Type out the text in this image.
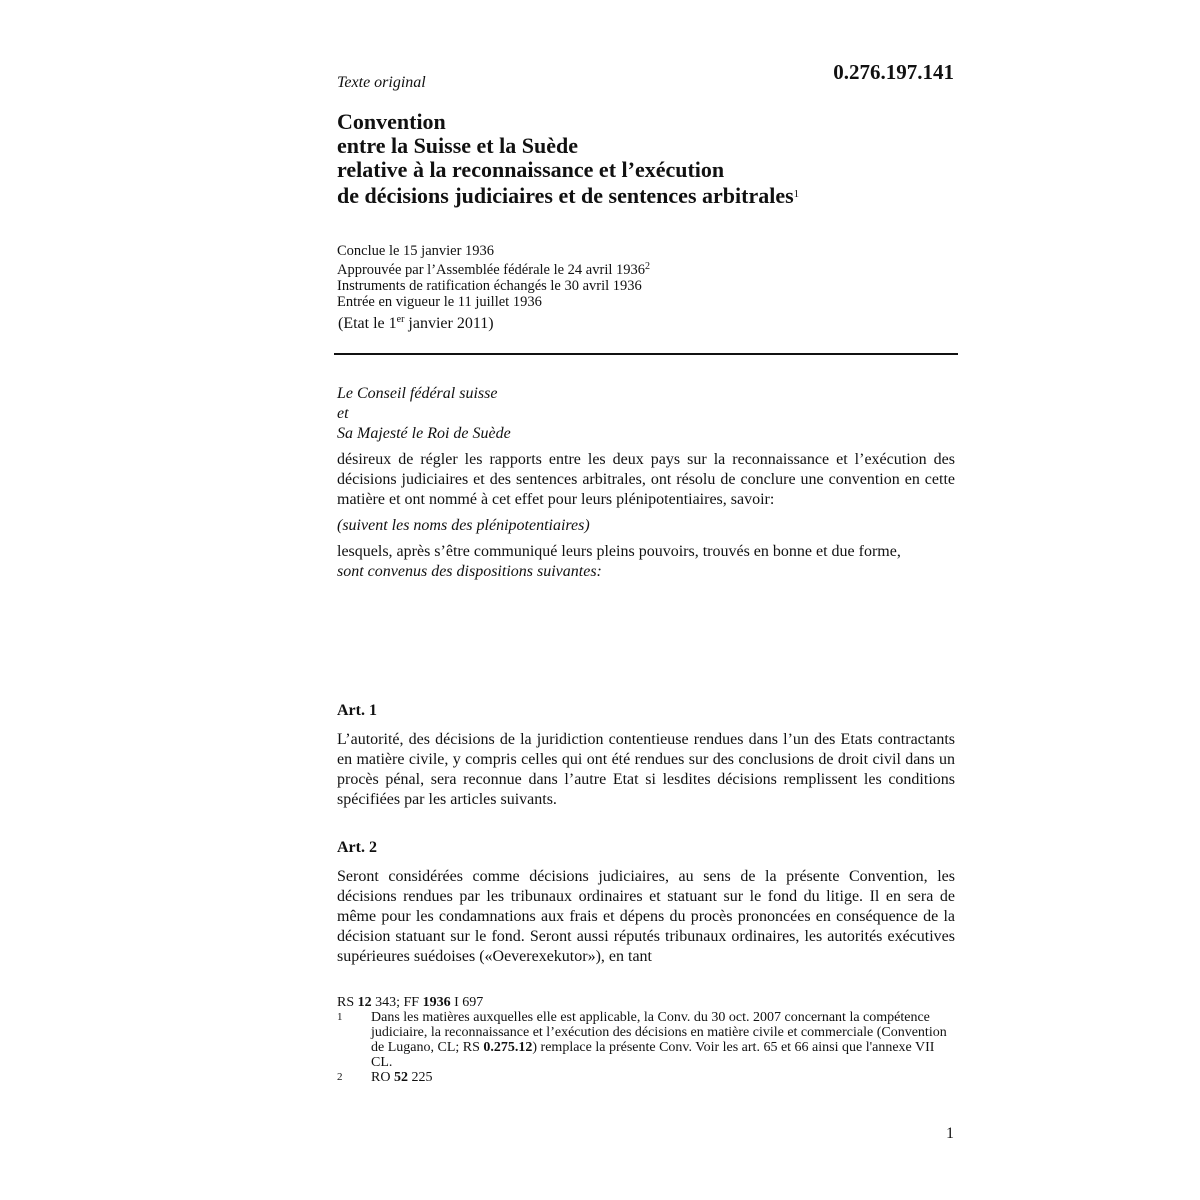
Texte original	0.276.197.141
Convention
entre la Suisse et la Suède
relative à la reconnaissance et l’exécution
de décisions judiciaires et de sentences arbitrales$^1$
Conclue le 15 janvier 1936
Approuvée par l’Assemblée fédérale le 24 avril 1936$^2$
Instruments de ratification échangés le 30 avril 1936
Entrée en vigueur le 11 juillet 1936
(Etat le 1er janvier 2011)
Le Conseil fédéral suisse
et
Sa Majesté le Roi de Suède
désireux de régler les rapports entre les deux pays sur la reconnaissance et l’exécution des décisions judiciaires et des sentences arbitrales, ont résolu de conclure une convention en cette matière et ont nommé à cet effet pour leurs plénipotentiaires, savoir:
(suivent les noms des plénipotentiaires)
lesquels, après s’être communiqué leurs pleins pouvoirs, trouvés en bonne et due forme,
sont convenus des dispositions suivantes:
Art. 1
L’autorité, des décisions de la juridiction contentieuse rendues dans l’un des Etats contractants en matière civile, y compris celles qui ont été rendues sur des conclusions de droit civil dans un procès pénal, sera reconnue dans l’autre Etat si lesdites décisions remplissent les conditions spécifiées par les articles suivants.
Art. 2
Seront considérées comme décisions judiciaires, au sens de la présente Convention, les décisions rendues par les tribunaux ordinaires et statuant sur le fond du litige. Il en sera de même pour les condamnations aux frais et dépens du procès prononcées en conséquence de la décision statuant sur le fond. Seront aussi réputés tribunaux ordinaires, les autorités exécutives supérieures suédoises («Oeverexekutor»), en tant
RS 12 343; FF 1936 I 697
1	Dans les matières auxquelles elle est applicable, la Conv. du 30 oct. 2007 concernant la compétence judiciaire, la reconnaissance et l’exécution des décisions en matière civile et commerciale (Convention de Lugano, CL; RS 0.275.12) remplace la présente Conv. Voir les art. 65 et 66 ainsi que l'annexe VII CL.
2	RO 52 225
1
